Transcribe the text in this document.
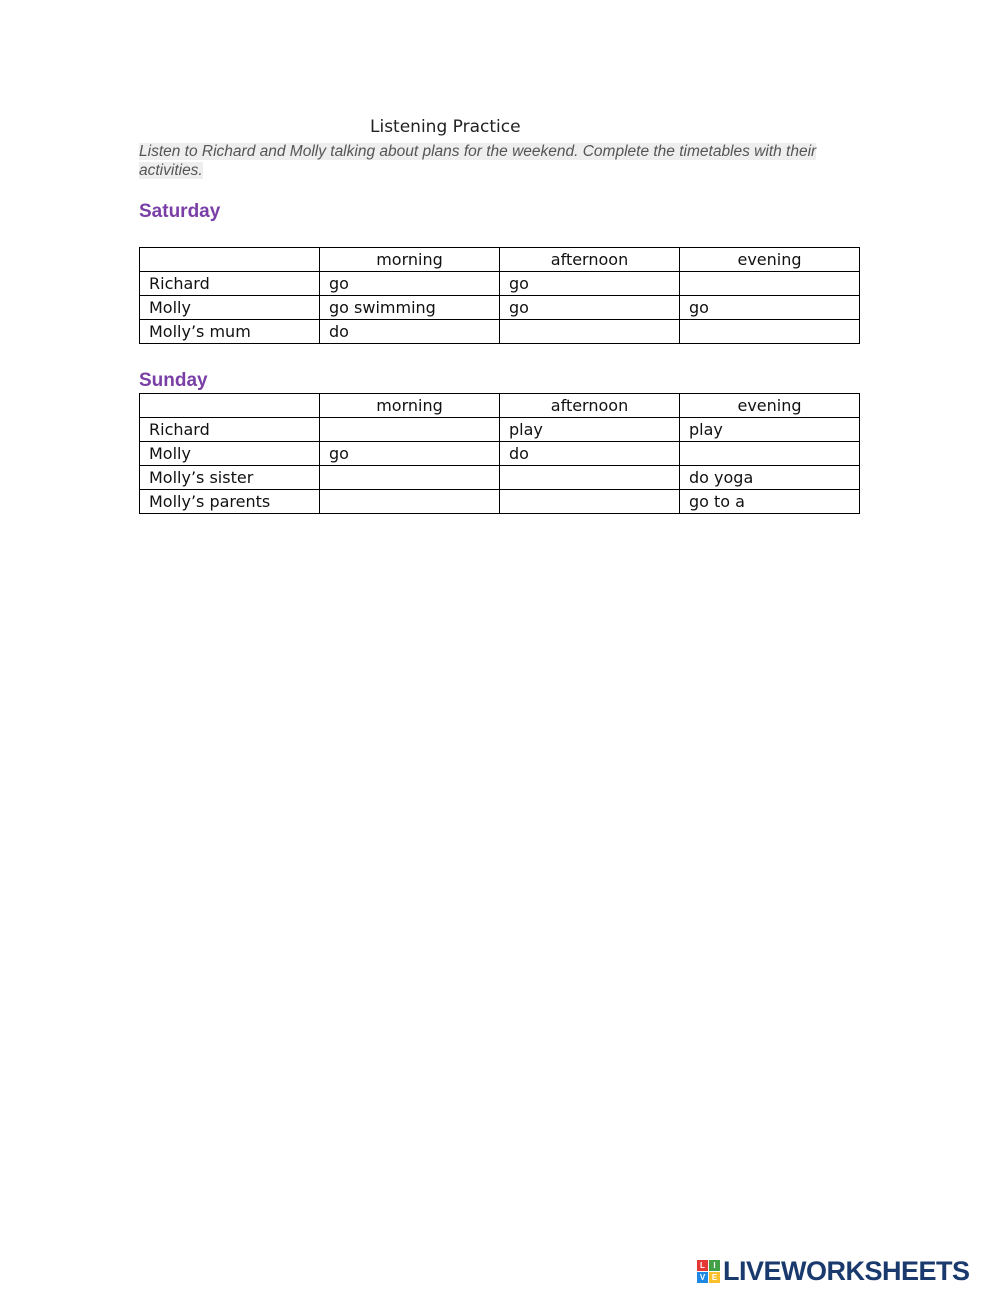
Listening Practice
Listen to Richard and Molly talking about plans for the weekend. Complete the timetables with their activities.
Saturday
	morning	afternoon	evening
Richard	go	go	
Molly	go swimming	go	go
Molly’s mum	do		
Sunday
	morning	afternoon	evening
Richard		play	play
Molly	go	do	
Molly’s sister			do yoga
Molly’s parents			go to a
L	I
V E LIVEWORKSHEETS
